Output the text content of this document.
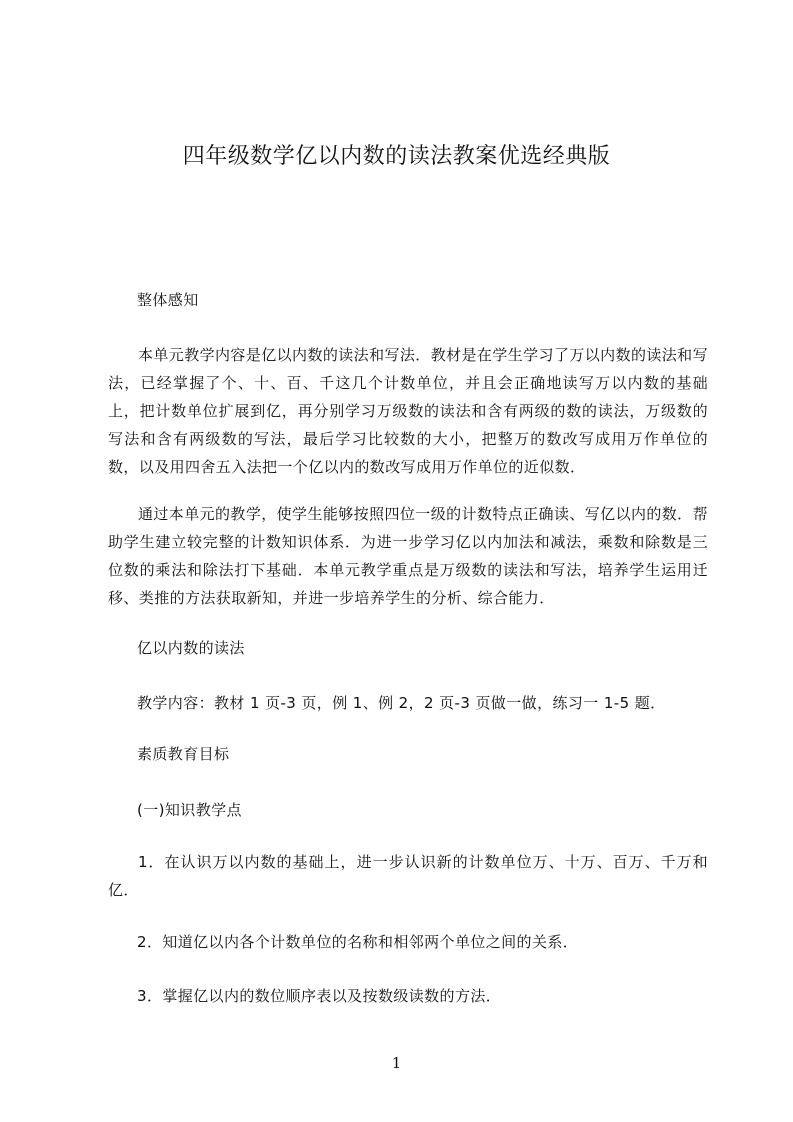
四年级数学亿以内数的读法教案优选经典版

整体感知

本单元教学内容是亿以内数的读法和写法．教材是在学生学习了万以内数的读法和写法，已经掌握了个、十、百、千这几个计数单位，并且会正确地读写万以内数的基础上，把计数单位扩展到亿，再分别学习万级数的读法和含有两级的数的读法，万级数的写法和含有两级数的写法，最后学习比较数的大小，把整万的数改写成用万作单位的数，以及用四舍五入法把一个亿以内的数改写成用万作单位的近似数．

通过本单元的教学，使学生能够按照四位一级的计数特点正确读、写亿以内的数．帮助学生建立较完整的计数知识体系．为进一步学习亿以内加法和减法，乘数和除数是三位数的乘法和除法打下基础．本单元教学重点是万级数的读法和写法，培养学生运用迁移、类推的方法获取新知，并进一步培养学生的分析、综合能力．

亿以内数的读法

教学内容：教材 1 页-3 页，例 1、例 2，2 页-3 页做一做，练习一 1-5 题．

素质教育目标

(一)知识教学点

1．在认识万以内数的基础上，进一步认识新的计数单位万、十万、百万、千万和亿．

2．知道亿以内各个计数单位的名称和相邻两个单位之间的关系．

3．掌握亿以内的数位顺序表以及按数级读数的方法．

1
